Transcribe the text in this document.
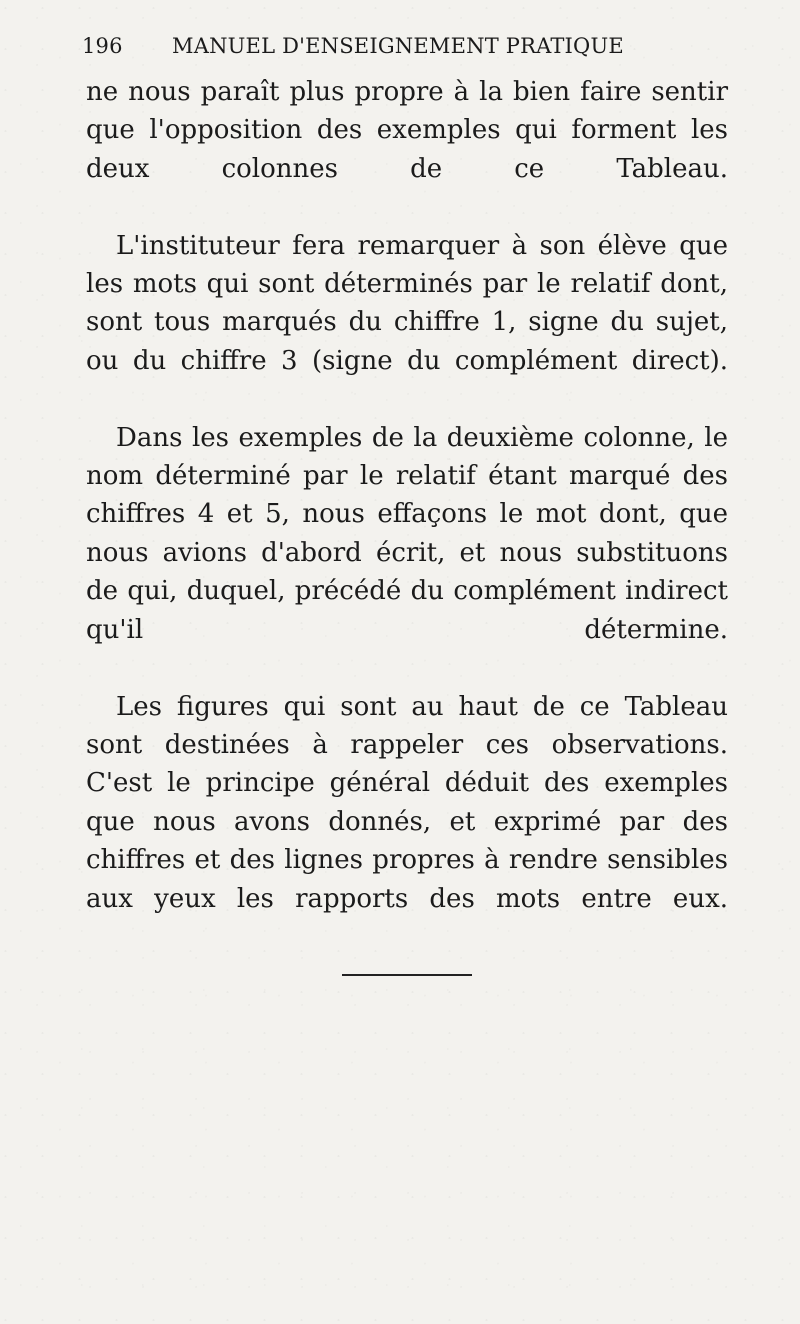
196 MANUEL D'ENSEIGNEMENT PRATIQUE

ne nous paraît plus propre à la bien faire sentir que l'opposition des exemples qui forment les deux colonnes de ce Tableau.

L'instituteur fera remarquer à son élève que les mots qui sont déterminés par le relatif dont, sont tous marqués du chiffre 1, signe du sujet, ou du chiffre 3 (signe du complément direct).

Dans les exemples de la deuxième colonne, le nom déterminé par le relatif étant marqué des chiffres 4 et 5, nous effaçons le mot dont, que nous avions d'abord écrit, et nous substituons de qui, duquel, précédé du complément indirect qu'il détermine.

Les figures qui sont au haut de ce Tableau sont destinées à rappeler ces observations. C'est le principe général déduit des exemples que nous avons donnés, et exprimé par des chiffres et des lignes propres à rendre sensibles aux yeux les rapports des mots entre eux.
